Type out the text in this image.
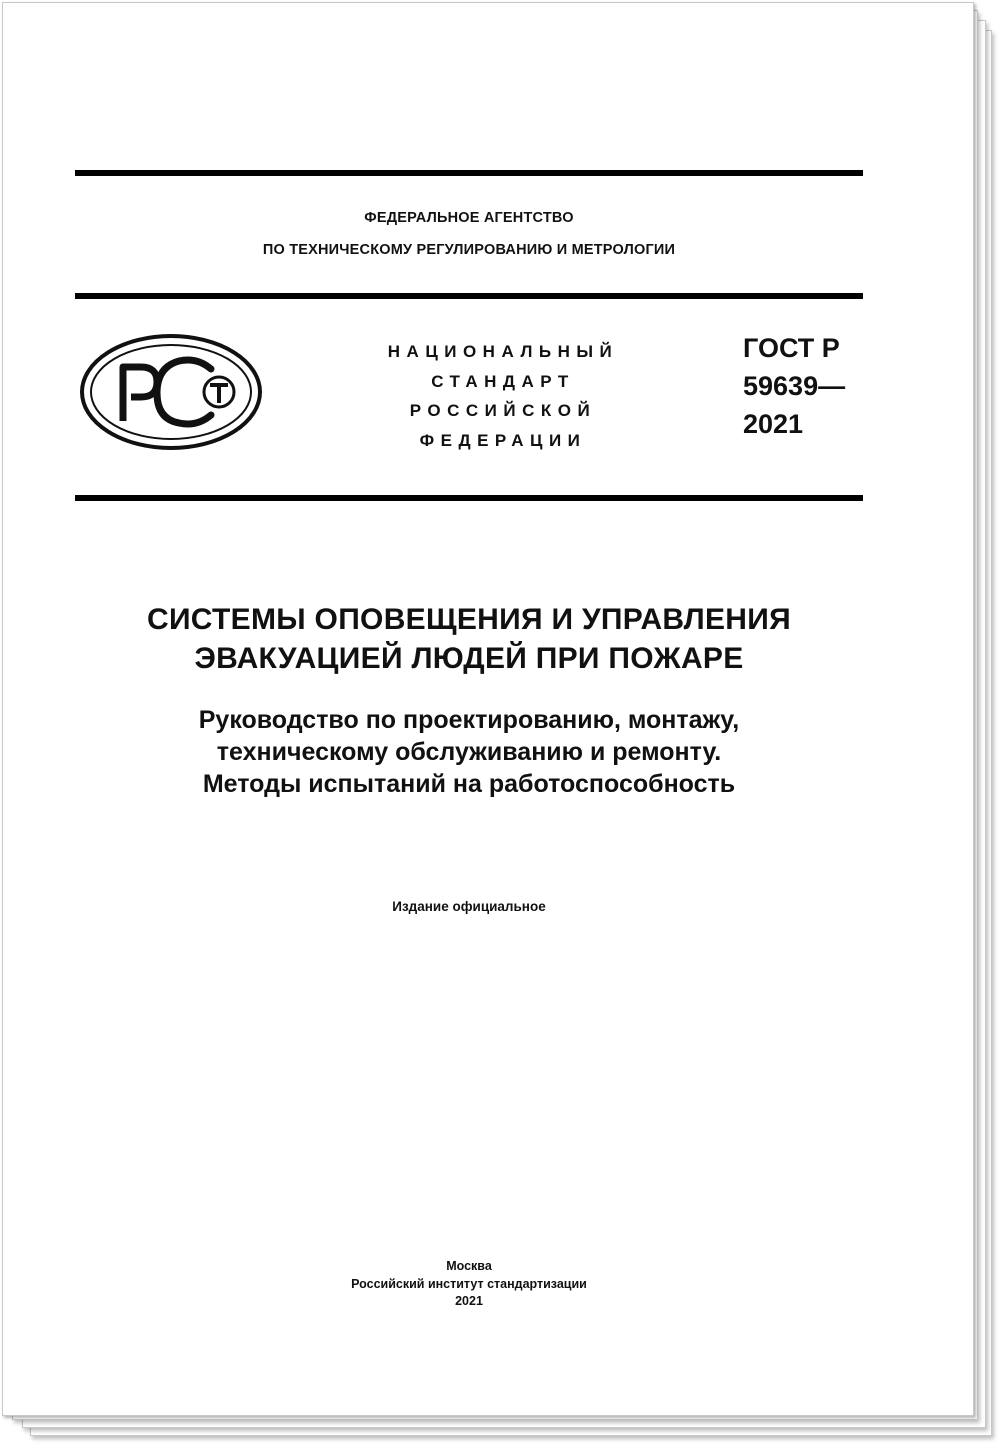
ФЕДЕРАЛЬНОЕ АГЕНТСТВО
ПО ТЕХНИЧЕСКОМУ РЕГУЛИРОВАНИЮ И МЕТРОЛОГИИ
НАЦИОНАЛЬНЫЙ
СТАНДАРТ
РОССИЙСКОЙ
ФЕДЕРАЦИИ
ГОСТ Р
59639—
2021
СИСТЕМЫ ОПОВЕЩЕНИЯ И УПРАВЛЕНИЯ
ЭВАКУАЦИЕЙ ЛЮДЕЙ ПРИ ПОЖАРЕ
Руководство по проектированию, монтажу,
техническому обслуживанию и ремонту.
Методы испытаний на работоспособность
Издание официальное
Москва
Российский институт стандартизации
2021
